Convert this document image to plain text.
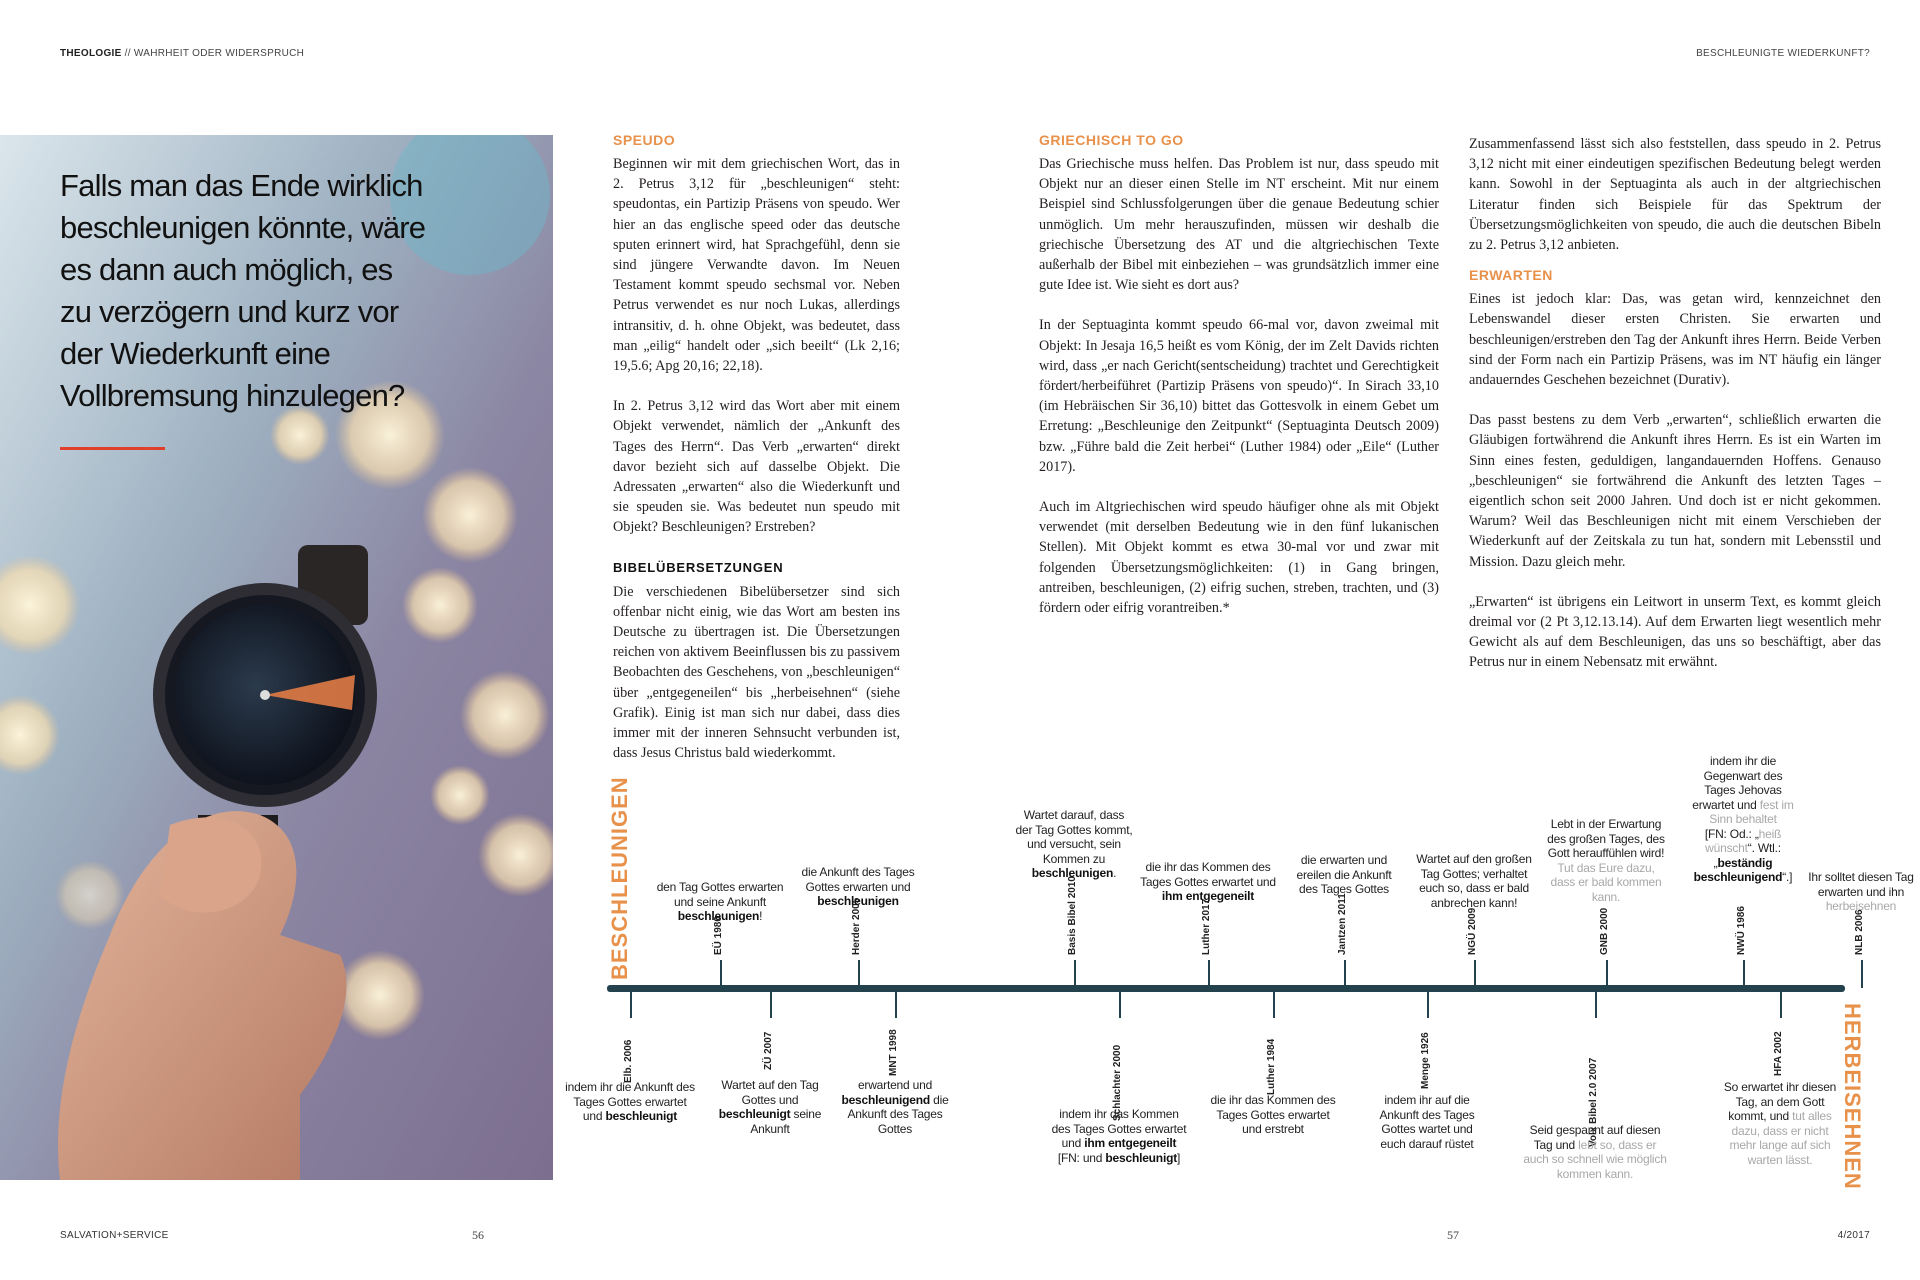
THEOLOGIE // WAHRHEIT ODER WIDERSPRUCH	BESCHLEUNIGTE WIEDERKUNFT?
Falls man das Ende wirklich beschleunigen könnte, wäre es dann auch möglich, es zu verzögern und kurz vor der Wiederkunft eine Vollbremsung hinzulegen?
SPEUDO

Beginnen wir mit dem griechischen Wort, das in 2. Petrus 3,12 für „beschleunigen“ steht: speudontas, ein Partizip Präsens von speudo. Wer hier an das englische speed oder das deutsche sputen erinnert wird, hat Sprachgefühl, denn sie sind jüngere Verwandte davon. Im Neuen Testament kommt speudo sechsmal vor. Neben Petrus verwendet es nur noch Lukas, allerdings intransitiv, d. h. ohne Objekt, was bedeutet, dass man „eilig“ handelt oder „sich beeilt“ (Lk 2,16; 19,5.6; Apg 20,16; 22,18).

In 2. Petrus 3,12 wird das Wort aber mit einem Objekt verwendet, nämlich der „Ankunft des Tages des Herrn“. Das Verb „erwarten“ direkt davor bezieht sich auf dasselbe Objekt. Die Adressaten „erwarten“ also die Wiederkunft und sie speuden sie. Was bedeutet nun speudo mit Objekt? Beschleunigen? Erstreben?

BIBELÜBERSETZUNGEN

Die verschiedenen Bibelübersetzer sind sich offenbar nicht einig, wie das Wort am besten ins Deutsche zu übertragen ist. Die Übersetzungen reichen von aktivem Beeinflussen bis zu passivem Beobachten des Geschehens, von „beschleunigen“ über „entgegeneilen“ bis „herbeisehnen“ (siehe Grafik). Einig ist man sich nur dabei, dass dies immer mit der inneren Sehnsucht verbunden ist, dass Jesus Christus bald wiederkommt.

GRIECHISCH TO GO

Das Griechische muss helfen. Das Problem ist nur, dass speudo mit Objekt nur an dieser einen Stelle im NT erscheint. Mit nur einem Beispiel sind Schlussfolgerungen über die genaue Bedeutung schier unmöglich. Um mehr herauszufinden, müssen wir deshalb die griechische Übersetzung des AT und die altgriechischen Texte außerhalb der Bibel mit einbeziehen – was grundsätzlich immer eine gute Idee ist. Wie sieht es dort aus?

In der Septuaginta kommt speudo 66-mal vor, davon zweimal mit Objekt: In Jesaja 16,5 heißt es vom König, der im Zelt Davids richten wird, dass „er nach Gericht(sentscheidung) trachtet und Gerechtigkeit fördert/herbeiführet (Partizip Präsens von speudo)“. In Sirach 33,10 (im Hebräischen Sir 36,10) bittet das Gottesvolk in einem Gebet um Erretung: „Beschleunige den Zeitpunkt“ (Septuaginta Deutsch 2009) bzw. „Führe bald die Zeit herbei“ (Luther 1984) oder „Eile“ (Luther 2017).

Auch im Altgriechischen wird speudo häufiger ohne als mit Objekt verwendet (mit derselben Bedeutung wie in den fünf lukanischen Stellen). Mit Objekt kommt es etwa 30-mal vor und zwar mit folgenden Übersetzungsmöglichkeiten: (1) in Gang bringen, antreiben, beschleunigen, (2) eifrig suchen, streben, trachten, und (3) fördern oder eifrig vorantreiben.*

Zusammenfassend lässt sich also feststellen, dass speudo in 2. Petrus 3,12 nicht mit einer eindeutigen spezifischen Bedeutung belegt werden kann. Sowohl in der Septuaginta als auch in der altgriechischen Literatur finden sich Beispiele für das Spektrum der Übersetzungsmöglichkeiten von speudo, die auch die deutschen Bibeln zu 2. Petrus 3,12 anbieten.

ERWARTEN

Eines ist jedoch klar: Das, was getan wird, kennzeichnet den Lebenswandel dieser ersten Christen. Sie erwarten und beschleunigen/erstreben den Tag der Ankunft ihres Herrn. Beide Verben sind der Form nach ein Partizip Präsens, was im NT häufig ein länger andauerndes Geschehen bezeichnet (Durativ).

Das passt bestens zu dem Verb „erwarten“, schließlich erwarten die Gläubigen fortwährend die Ankunft ihres Herrn. Es ist ein Warten im Sinn eines festen, geduldigen, langandauernden Hoffens. Genauso „beschleunigen“ sie fortwährend die Ankunft des letzten Tages – eigentlich schon seit 2000 Jahren. Und doch ist er nicht gekommen. Warum? Weil das Beschleunigen nicht mit einem Verschieben der Wiederkunft auf der Zeitskala zu tun hat, sondern mit Lebensstil und Mission. Dazu gleich mehr.

„Erwarten“ ist übrigens ein Leitwort in unserm Text, es kommt gleich dreimal vor (2 Pt 3,12.13.14). Auf dem Erwarten liegt wesentlich mehr Gewicht als auf dem Beschleunigen, das uns so beschäftigt, aber das Petrus nur in einem Nebensatz mit erwähnt.

BESCHLEUNIGEN
HERBEISEHNEN
EÜ 1980
den Tag Gottes erwarten und seine Ankunft beschleunigen!	Herder 2005
die Ankunft des Tages Gottes erwarten und beschleunigen	Basis Bibel 2010
Wartet darauf, dass der Tag Gottes kommt, und versucht, sein Kommen zu beschleunigen.
Luther 2017
die ihr das Kommen des Tages Gottes erwartet und ihm entgegeneilt	Jantzen 2011
die erwarten und ereilen die Ankunft des Tages Gottes
NGÜ 2009
Wartet auf den großen Tag Gottes; verhaltet euch so, dass er bald anbrechen kann!
GNB 2000
Lebt in der Erwartung des großen Tages, des Gott herauffühlen wird! Tut das Eure dazu, dass er bald kommen kann.
NWÜ 1986
indem ihr die Gegenwart des Tages Jehovas erwartet und fest im Sinn behaltet
[FN: Od.: „heiß wünscht“. Wtl.: „beständig beschleunigend“.]
NLB 2006
Ihr solltet diesen Tag erwarten und ihn herbeisehnen
Elb. 2006
indem ihr die Ankunft des Tages Gottes erwartet und beschleunigt
ZÜ 2007
Wartet auf den Tag Gottes und beschleunigt seine Ankunft
MNT 1998
erwartend und beschleunigend die Ankunft des Tages Gottes
Schlachter 2000
indem ihr das Kommen des Tages Gottes erwartet und ihm entgegeneilt
[FN: und beschleunigt]
Luther 1984
die ihr das Kommen des Tages Gottes erwartet und erstrebt
Menge 1926
indem ihr auf die Ankunft des Tages Gottes wartet und euch darauf rüstet	Volx Bibel 2.0 2007
Seid gespannt auf diesen Tag und lebt so, dass er auch so schnell wie möglich kommen kann.
HFA 2002
So erwartet ihr diesen Tag, an dem Gott kommt, und tut alles dazu, dass er nicht mehr lange auf sich warten lässt.
SALVATION+SERVICE	56	57	4/2017
